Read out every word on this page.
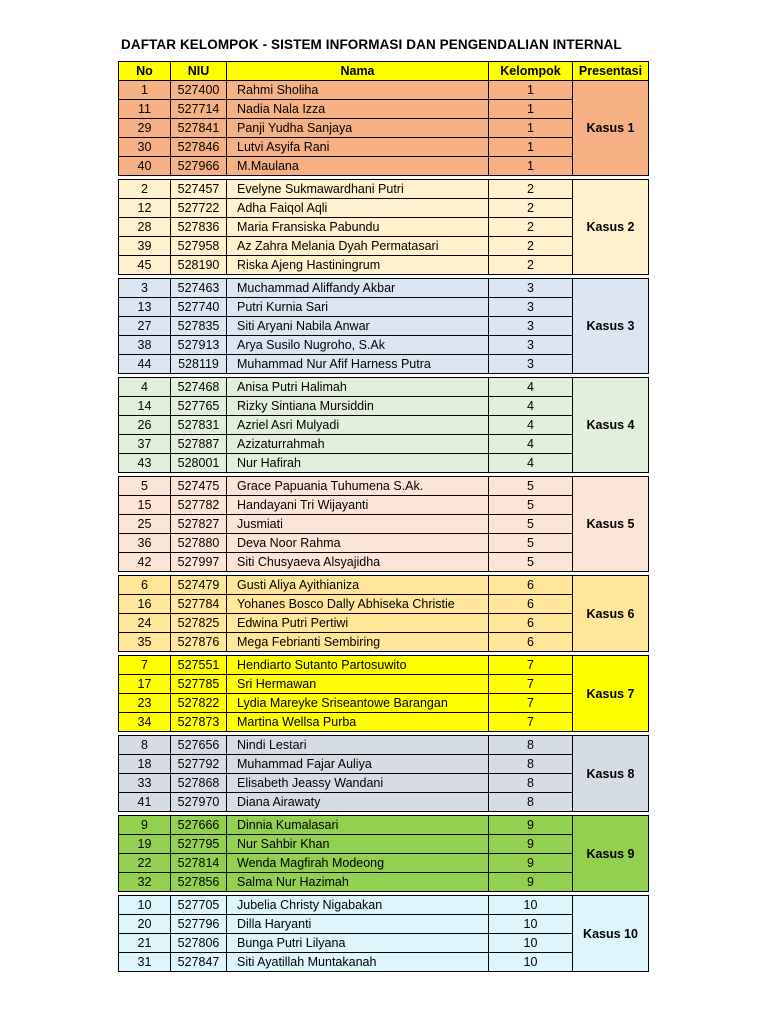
DAFTAR KELOMPOK - SISTEM INFORMASI DAN PENGENDALIAN INTERNAL
No	NIU	Nama	Kelompok	Presentasi
1	527400	Rahmi Sholiha	1	Kasus 1
11	527714	Nadia Nala Izza	1	
29	527841	Panji Yudha Sanjaya	1	
30	527846	Lutvi Asyifa Rani	1	
40	527966	M.Maulana	1	

2	527457	Evelyne Sukmawardhani Putri	2	Kasus 2
12	527722	Adha Faiqol Aqli	2	
28	527836	Maria Fransiska Pabundu	2	
39	527958	Az Zahra Melania Dyah Permatasari	2	
45	528190	Riska Ajeng Hastiningrum	2	

3	527463	Muchammad Aliffandy Akbar	3	Kasus 3
13	527740	Putri Kurnia Sari	3	
27	527835	Siti Aryani Nabila Anwar	3	
38	527913	Arya Susilo Nugroho, S.Ak	3	
44	528119	Muhammad Nur Afif Harness Putra	3	

4	527468	Anisa Putri Halimah	4	Kasus 4
14	527765	Rizky Sintiana Mursiddin	4	
26	527831	Azriel Asri Mulyadi	4	
37	527887	Azizaturrahmah	4	
43	528001	Nur Hafirah	4	

5	527475	Grace Papuania Tuhumena S.Ak.	5	Kasus 5
15	527782	Handayani Tri Wijayanti	5	
25	527827	Jusmiati	5	
36	527880	Deva Noor Rahma	5	
42	527997	Siti Chusyaeva Alsyajidha	5	

6	527479	Gusti Aliya Ayithianiza	6	Kasus 6
16	527784	Yohanes Bosco Dally Abhiseka Christie	6	
24	527825	Edwina Putri Pertiwi	6	
35	527876	Mega Febrianti Sembiring	6	

7	527551	Hendiarto Sutanto Partosuwito	7	Kasus 7
17	527785	Sri Hermawan	7	
23	527822	Lydia Mareyke Sriseantowe Barangan	7	
34	527873	Martina Wellsa Purba	7	

8	527656	Nindi Lestari	8	Kasus 8
18	527792	Muhammad Fajar Auliya	8	
33	527868	Elisabeth Jeassy Wandani	8	
41	527970	Diana Airawaty	8	

9	527666	Dinnia Kumalasari	9	Kasus 9
19	527795	Nur Sahbir Khan	9	
22	527814	Wenda Magfirah Modeong	9	
32	527856	Salma Nur Hazimah	9	

10	527705	Jubelia Christy Nigabakan	10	Kasus 10
20	527796	Dilla Haryanti	10	
21	527806	Bunga Putri Lilyana	10	
31	527847	Siti Ayatillah Muntakanah	10	
